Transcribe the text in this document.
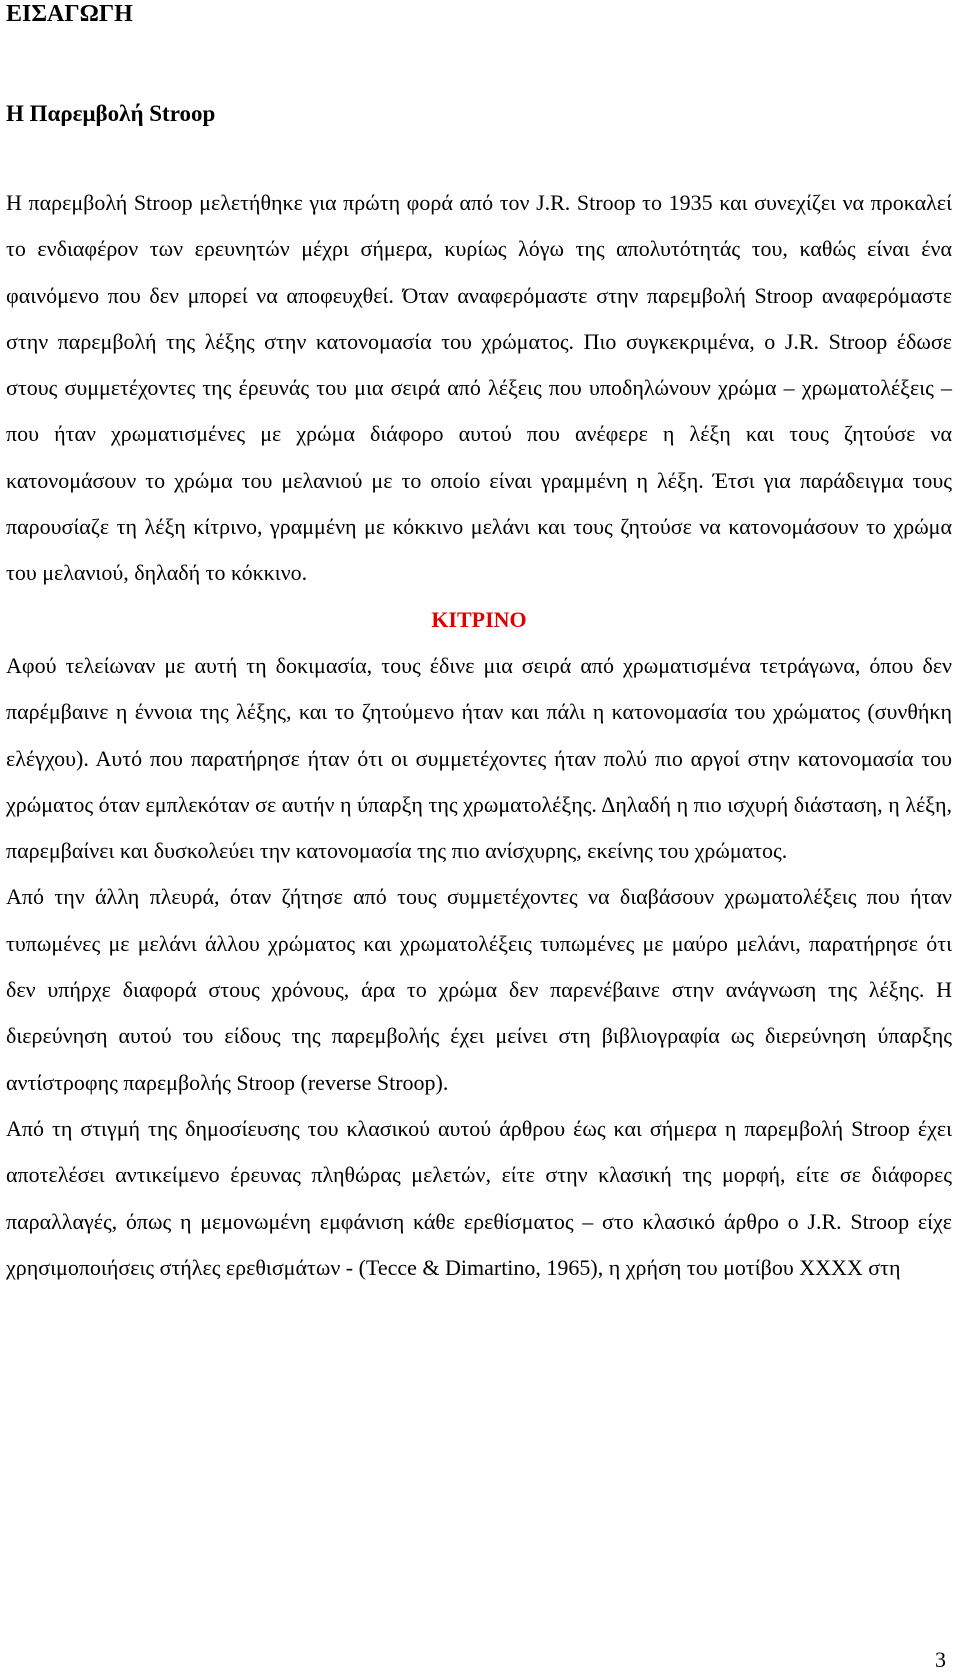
ΕΙΣΑΓΩΓΗ
Η Παρεμβολή Stroop

Η παρεμβολή Stroop μελετήθηκε για πρώτη φορά από τον J.R. Stroop το 1935 και συνεχίζει να προκαλεί το ενδιαφέρον των ερευνητών μέχρι σήμερα, κυρίως λόγω της απολυτότητάς του, καθώς είναι ένα φαινόμενο που δεν μπορεί να αποφευχθεί. Όταν αναφερόμαστε στην παρεμβολή Stroop αναφερόμαστε στην παρεμβολή της λέξης στην κατονομασία του χρώματος. Πιο συγκεκριμένα, ο J.R. Stroop έδωσε στους συμμετέχοντες της έρευνάς του μια σειρά από λέξεις που υποδηλώνουν χρώμα – χρωματολέξεις – που ήταν χρωματισμένες με χρώμα διάφορο αυτού που ανέφερε η λέξη και τους ζητούσε να κατονομάσουν το χρώμα του μελανιού με το οποίο είναι γραμμένη η λέξη. Έτσι για παράδειγμα τους παρουσίαζε τη λέξη κίτρινο, γραμμένη με κόκκινο μελάνι και τους ζητούσε να κατονομάσουν το χρώμα του μελανιού, δηλαδή το κόκκινο.

ΚΙΤΡΙΝΟ

Αφού τελείωναν με αυτή τη δοκιμασία, τους έδινε μια σειρά από χρωματισμένα τετράγωνα, όπου δεν παρέμβαινε η έννοια της λέξης, και το ζητούμενο ήταν και πάλι η κατονομασία του χρώματος (συνθήκη ελέγχου). Αυτό που παρατήρησε ήταν ότι οι συμμετέχοντες ήταν πολύ πιο αργοί στην κατονομασία του χρώματος όταν εμπλεκόταν σε αυτήν η ύπαρξη της χρωματολέξης. Δηλαδή η πιο ισχυρή διάσταση, η λέξη, παρεμβαίνει και δυσκολεύει την κατονομασία της πιο ανίσχυρης, εκείνης του χρώματος.

Από την άλλη πλευρά, όταν ζήτησε από τους συμμετέχοντες να διαβάσουν χρωματολέξεις που ήταν τυπωμένες με μελάνι άλλου χρώματος και χρωματολέξεις τυπωμένες με μαύρο μελάνι, παρατήρησε ότι δεν υπήρχε διαφορά στους χρόνους, άρα το χρώμα δεν παρενέβαινε στην ανάγνωση της λέξης. Η διερεύνηση αυτού του είδους της παρεμβολής έχει μείνει στη βιβλιογραφία ως διερεύνηση ύπαρξης αντίστροφης παρεμβολής Stroop (reverse Stroop).

Από τη στιγμή της δημοσίευσης του κλασικού αυτού άρθρου έως και σήμερα η παρεμβολή Stroop έχει αποτελέσει αντικείμενο έρευνας πληθώρας μελετών, είτε στην κλασική της μορφή, είτε σε διάφορες παραλλαγές, όπως η μεμονωμένη εμφάνιση κάθε ερεθίσματος – στο κλασικό άρθρο ο J.R. Stroop είχε χρησιμοποιήσεις στήλες ερεθισμάτων - (Tecce & Dimartino, 1965), η χρήση του μοτίβου ΧΧΧΧ στη

3
